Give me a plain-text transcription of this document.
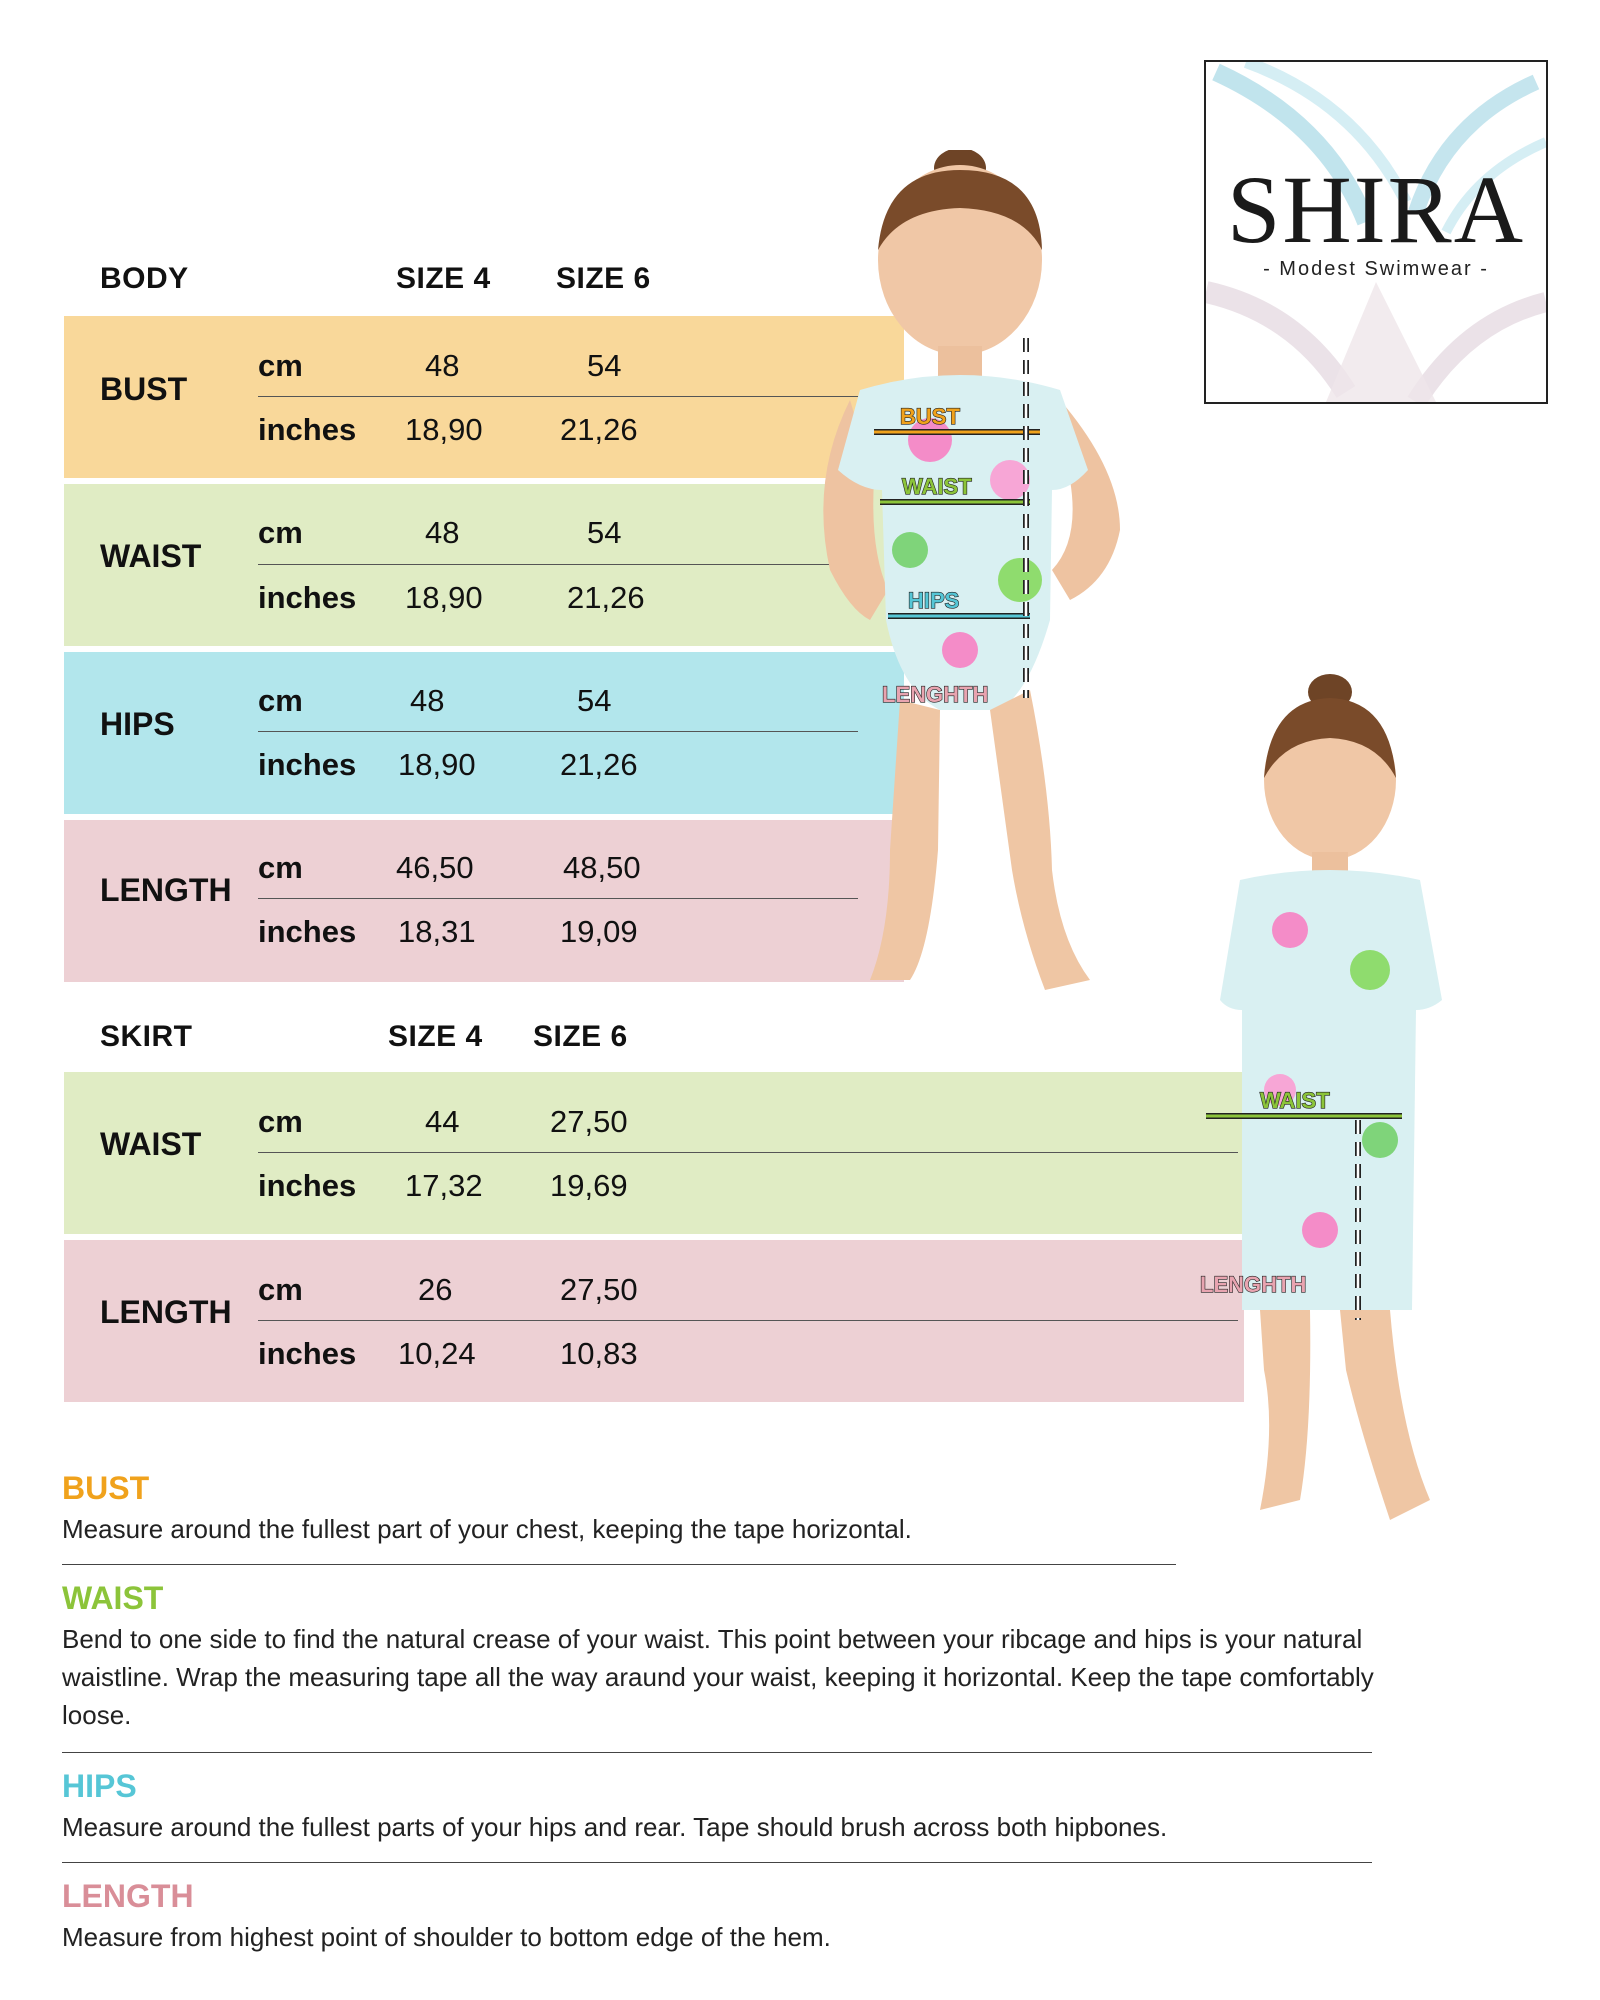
BODY	SIZE 4 SIZE 6
BUST
cm	48	54
inches 18,90 21,26
WAIST
cm	48	54
inches 18,90	21,26
HIPS
cm	48	54
inches 18,90	21,26
LENGTH
cm	46,50	48,50
inches 18,31	19,09
SKIRT	SIZE 4 SIZE 6
WAIST
cm	44	27,50
inches 17,32 19,69
LENGTH
cm	26	27,50
inches 10,24	10,83
BUST
WAIST
HIPS
LENGHTH
WAIST
LENGHTH
SHIRA
- Modest Swimwear -
BUST
Measure around the fullest part of your chest, keeping the tape horizontal.
WAIST
Bend to one side to find the natural crease of your waist. This point between your ribcage and hips is your natural waistline. Wrap the measuring tape all the way araund your waist, keeping it horizontal. Keep the tape comfortably loose.
HIPS
Measure around the fullest parts of your hips and rear. Tape should brush across both hipbones.
LENGTH
Measure from highest point of shoulder to bottom edge of the hem.
